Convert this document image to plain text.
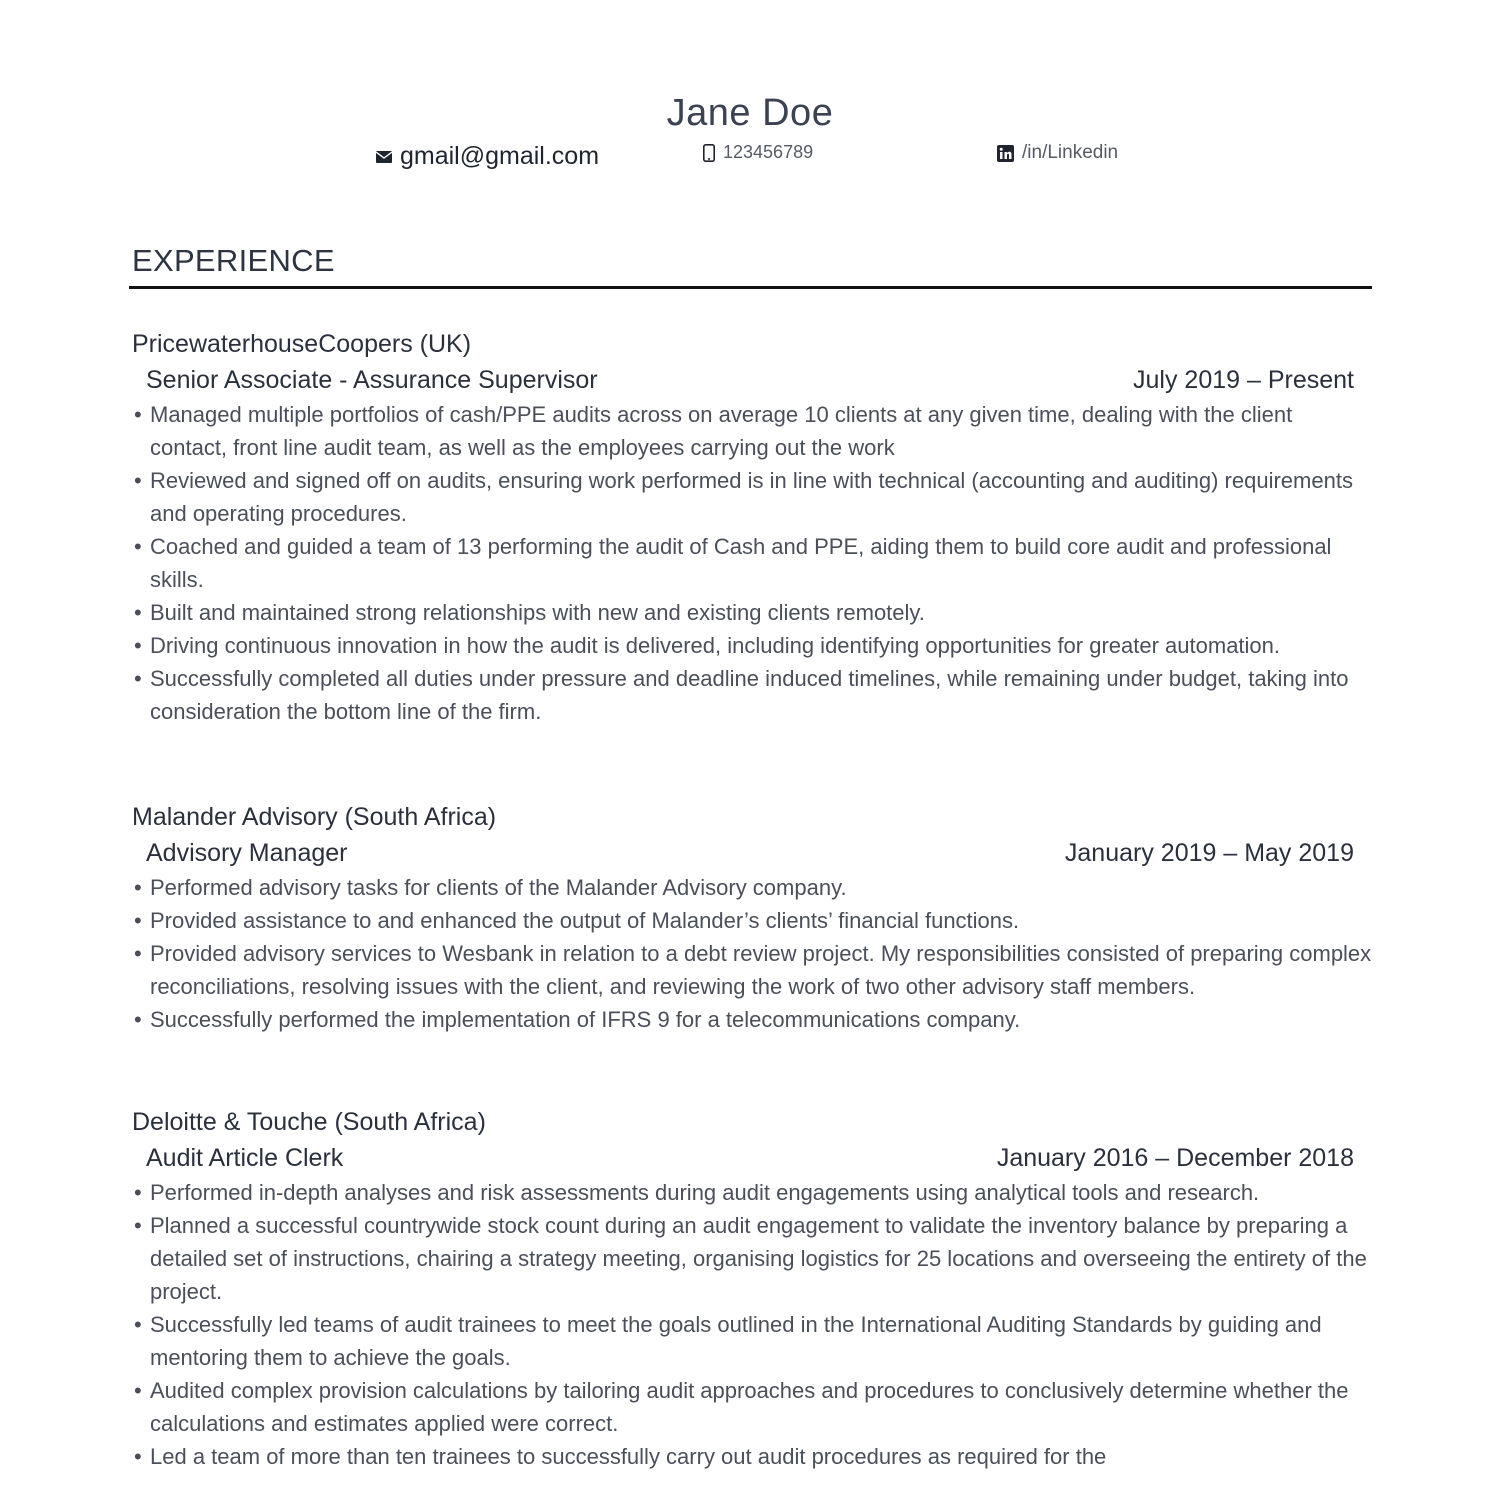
Jane Doe
gmail@gmail.com	123456789	/in/Linkedin
EXPERIENCE
PricewaterhouseCoopers (UK)
Senior Associate - Assurance Supervisor	July 2019 – Present
• Managed multiple portfolios of cash/PPE audits across on average 10 clients at any given time, dealing with the client contact, front line audit team, as well as the employees carrying out the work
• Reviewed and signed off on audits, ensuring work performed is in line with technical (accounting and auditing) requirements and operating procedures.
• Coached and guided a team of 13 performing the audit of Cash and PPE, aiding them to build core audit and professional skills.
• Built and maintained strong relationships with new and existing clients remotely.
• Driving continuous innovation in how the audit is delivered, including identifying opportunities for greater automation.
• Successfully completed all duties under pressure and deadline induced timelines, while remaining under budget, taking into consideration the bottom line of the firm.
Malander Advisory (South Africa)
Advisory Manager	January 2019 – May 2019
• Performed advisory tasks for clients of the Malander Advisory company.
• Provided assistance to and enhanced the output of Malander’s clients’ financial functions.
• Provided advisory services to Wesbank in relation to a debt review project. My responsibilities consisted of preparing complex reconciliations, resolving issues with the client, and reviewing the work of two other advisory staff members.
• Successfully performed the implementation of IFRS 9 for a telecommunications company.
Deloitte & Touche (South Africa)
Audit Article Clerk	January 2016 – December 2018
• Performed in-depth analyses and risk assessments during audit engagements using analytical tools and research.
• Planned a successful countrywide stock count during an audit engagement to validate the inventory balance by preparing a detailed set of instructions, chairing a strategy meeting, organising logistics for 25 locations and overseeing the entirety of the project.
• Successfully led teams of audit trainees to meet the goals outlined in the International Auditing Standards by guiding and mentoring them to achieve the goals.
• Audited complex provision calculations by tailoring audit approaches and procedures to conclusively determine whether the calculations and estimates applied were correct.
• Led a team of more than ten trainees to successfully carry out audit procedures as required for the
